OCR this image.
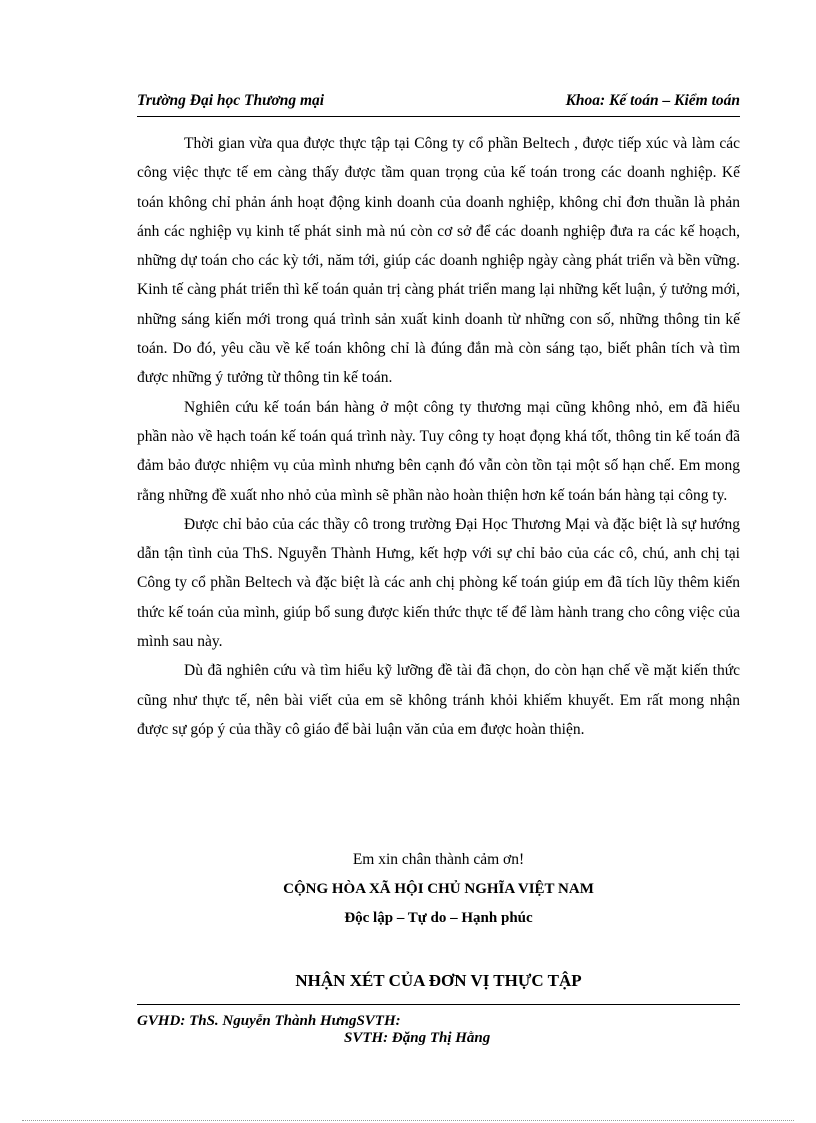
Trường Đại học Thương mại	Khoa: Kế toán – Kiểm toán

Thời gian vừa qua được thực tập tại Công ty cổ phần Beltech , được tiếp xúc và làm các công việc thực tế em càng thấy được tầm quan trọng của kế toán trong các doanh nghiệp. Kế toán không chỉ phản ánh hoạt động kinh doanh của doanh nghiệp, không chỉ đơn thuần là phản ánh các nghiệp vụ kinh tế phát sinh mà nú còn cơ sở để các doanh nghiệp đưa ra các kế hoạch, những dự toán cho các kỳ tới, năm tới, giúp các doanh nghiệp ngày càng phát triển và bền vững. Kinh tế càng phát triển thì kế toán quản trị càng phát triển mang lại những kết luận, ý tưởng mới, những sáng kiến mới trong quá trình sản xuất kinh doanh từ những con số, những thông tin kế toán. Do đó, yêu cầu về kế toán không chỉ là đúng đắn mà còn sáng tạo, biết phân tích và tìm được những ý tưởng từ thông tin kế toán.

Nghiên cứu kế toán bán hàng ở một công ty thương mại cũng không nhỏ, em đã hiểu phần nào về hạch toán kế toán quá trình này. Tuy công ty hoạt đọng khá tốt, thông tin kế toán đã đảm bảo được nhiệm vụ của mình nhưng bên cạnh đó vẫn còn tồn tại một số hạn chế. Em mong rằng những đề xuất nho nhỏ của mình sẽ phần nào hoàn thiện hơn kế toán bán hàng tại công ty.

Được chỉ bảo của các thầy cô trong trường Đại Học Thương Mại và đặc biệt là sự hướng dẫn tận tình của ThS. Nguyễn Thành Hưng, kết hợp với sự chỉ bảo của các cô, chú, anh chị tại Công ty cổ phần Beltech và đặc biệt là các anh chị phòng kế toán giúp em đã tích lũy thêm kiến thức kế toán của mình, giúp bổ sung được kiến thức thực tế để làm hành trang cho công việc của mình sau này.

Dù đã nghiên cứu và tìm hiểu kỹ lưỡng đề tài đã chọn, do còn hạn chế về mặt kiến thức cũng như thực tế, nên bài viết của em sẽ không tránh khỏi khiếm khuyết. Em rất mong nhận được sự góp ý của thầy cô giáo để bài luận văn của em được hoàn thiện.

Em xin chân thành cảm ơn!
CỘNG HÒA XÃ HỘI CHỦ NGHĨA VIỆT NAM
Độc lập – Tự do – Hạnh phúc
NHẬN XÉT CỦA ĐƠN VỊ THỰC TẬP
GVHD: ThS. Nguyễn Thành HưngSVTH:
SVTH: Đặng Thị Hằng
